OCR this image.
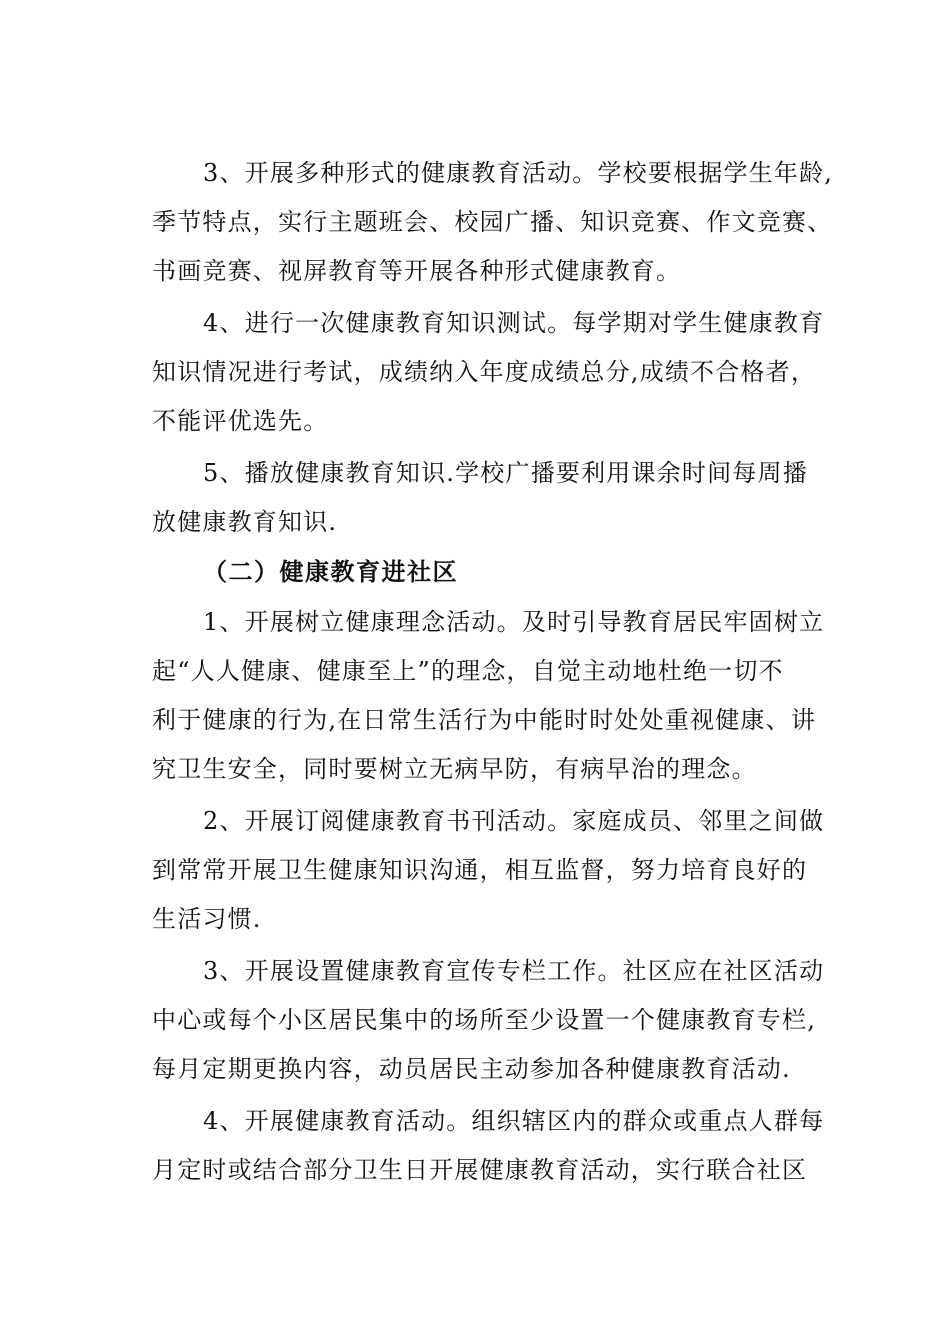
3、开展多种形式的健康教育活动。学校要根据学生年龄,
季节特点，实行主题班会、校园广播、知识竞赛、作文竞赛、
书画竞赛、视屏教育等开展各种形式健康教育。
4、进行一次健康教育知识测试。每学期对学生健康教育
知识情况进行考试，成绩纳入年度成绩总分,成绩不合格者，
不能评优选先。
5、播放健康教育知识.学校广播要利用课余时间每周播
放健康教育知识.
（二）健康教育进社区
1、开展树立健康理念活动。及时引导教育居民牢固树立
起“人人健康、健康至上”的理念，自觉主动地杜绝一切不
利于健康的行为,在日常生活行为中能时时处处重视健康、讲
究卫生安全，同时要树立无病早防，有病早治的理念。
2、开展订阅健康教育书刊活动。家庭成员、邻里之间做
到常常开展卫生健康知识沟通，相互监督，努力培育良好的
生活习惯.
3、开展设置健康教育宣传专栏工作。社区应在社区活动
中心或每个小区居民集中的场所至少设置一个健康教育专栏,
每月定期更换内容，动员居民主动参加各种健康教育活动.
4、开展健康教育活动。组织辖区内的群众或重点人群每
月定时或结合部分卫生日开展健康教育活动，实行联合社区
